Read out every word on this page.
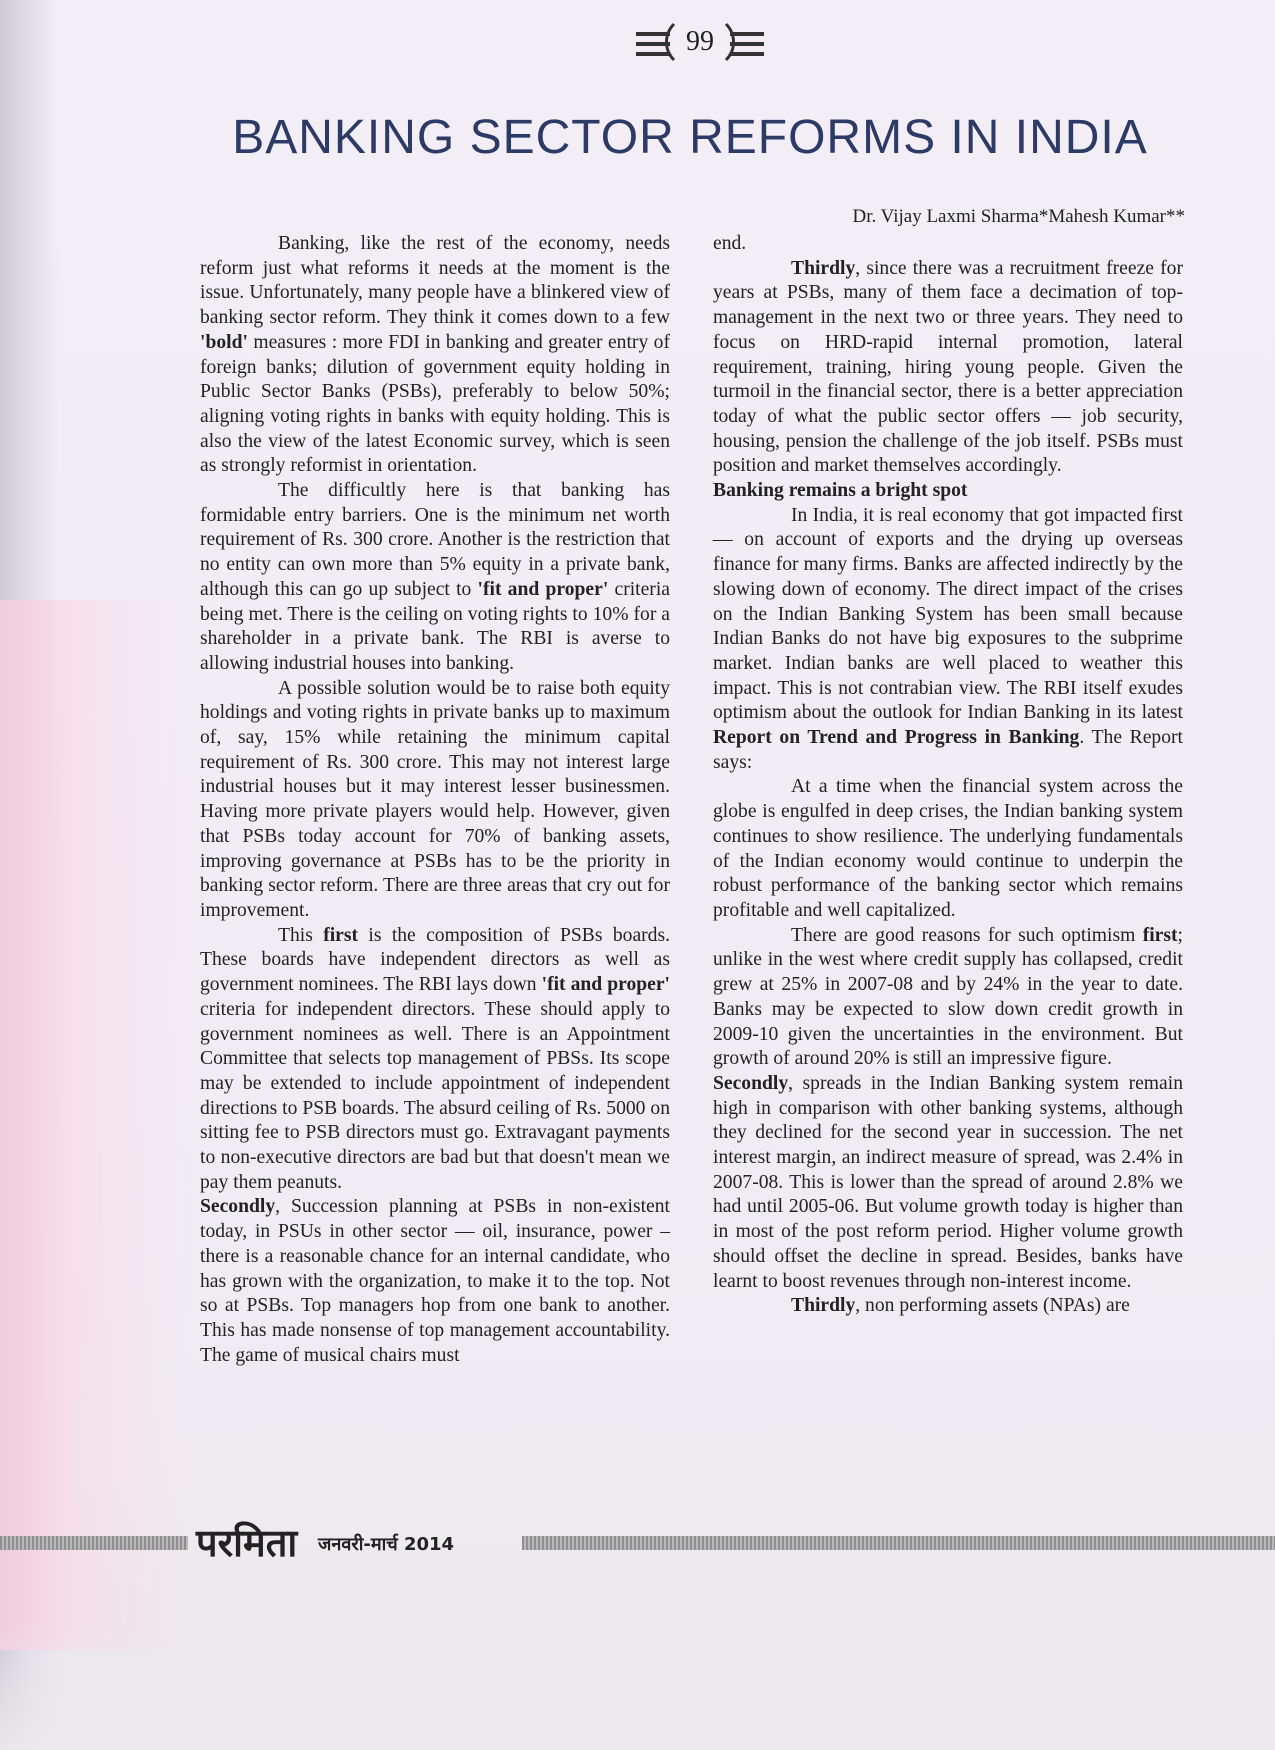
99
BANKING SECTOR REFORMS IN INDIA

Dr. Vijay Laxmi Sharma*Mahesh Kumar**

Banking, like the rest of the economy, needs reform just what reforms it needs at the moment is the issue. Unfortunately, many people have a blinkered view of banking sector reform. They think it comes down to a few 'bold' measures : more FDI in banking and greater entry of foreign banks; dilution of government equity holding in Public Sector Banks (PSBs), preferably to below 50%; aligning voting rights in banks with equity holding. This is also the view of the latest Economic survey, which is seen as strongly reformist in orientation.

The difficultly here is that banking has formidable entry barriers. One is the minimum net worth requirement of Rs. 300 crore. Another is the restriction that no entity can own more than 5% equity in a private bank, although this can go up subject to 'fit and proper' criteria being met. There is the ceiling on voting rights to 10% for a shareholder in a private bank. The RBI is averse to allowing industrial houses into banking.

A possible solution would be to raise both equity holdings and voting rights in private banks up to maximum of, say, 15% while retaining the minimum capital requirement of Rs. 300 crore. This may not interest large industrial houses but it may interest lesser businessmen. Having more private players would help. However, given that PSBs today account for 70% of banking assets, improving governance at PSBs has to be the priority in banking sector reform. There are three areas that cry out for improvement.

This first is the composition of PSBs boards. These boards have independent directors as well as government nominees. The RBI lays down 'fit and proper' criteria for independent directors. These should apply to government nominees as well. There is an Appointment Committee that selects top management of PBSs. Its scope may be extended to include appointment of independent directions to PSB boards. The absurd ceiling of Rs. 5000 on sitting fee to PSB directors must go. Extravagant payments to non-executive directors are bad but that doesn't mean we pay them peanuts.

Secondly, Succession planning at PSBs in non-existent today, in PSUs in other sector — oil, insurance, power – there is a reasonable chance for an internal candidate, who has grown with the organization, to make it to the top. Not so at PSBs. Top managers hop from one bank to another. This has made nonsense of top management accountability. The game of musical chairs must

end.

Thirdly, since there was a recruitment freeze for years at PSBs, many of them face a decimation of top-management in the next two or three years. They need to focus on HRD-rapid internal promotion, lateral requirement, training, hiring young people. Given the turmoil in the financial sector, there is a better appreciation today of what the public sector offers — job security, housing, pension the challenge of the job itself. PSBs must position and market themselves accordingly.

Banking remains a bright spot

In India, it is real economy that got impacted first — on account of exports and the drying up overseas finance for many firms. Banks are affected indirectly by the slowing down of economy. The direct impact of the crises on the Indian Banking System has been small because Indian Banks do not have big exposures to the subprime market. Indian banks are well placed to weather this impact. This is not contrabian view. The RBI itself exudes optimism about the outlook for Indian Banking in its latest Report on Trend and Progress in Banking. The Report says:

At a time when the financial system across the globe is engulfed in deep crises, the Indian banking system continues to show resilience. The underlying fundamentals of the Indian economy would continue to underpin the robust performance of the banking sector which remains profitable and well capitalized.

There are good reasons for such optimism first; unlike in the west where credit supply has collapsed, credit grew at 25% in 2007-08 and by 24% in the year to date. Banks may be expected to slow down credit growth in 2009-10 given the uncertainties in the environment. But growth of around 20% is still an impressive figure.

Secondly, spreads in the Indian Banking system remain high in comparison with other banking systems, although they declined for the second year in succession. The net interest margin, an indirect measure of spread, was 2.4% in 2007-08. This is lower than the spread of around 2.8% we had until 2005-06. But volume growth today is higher than in most of the post reform period. Higher volume growth should offset the decline in spread. Besides, banks have learnt to boost revenues through non-interest income.

Thirdly, non performing assets (NPAs) are

परमिता जनवरी-मार्च 2014
